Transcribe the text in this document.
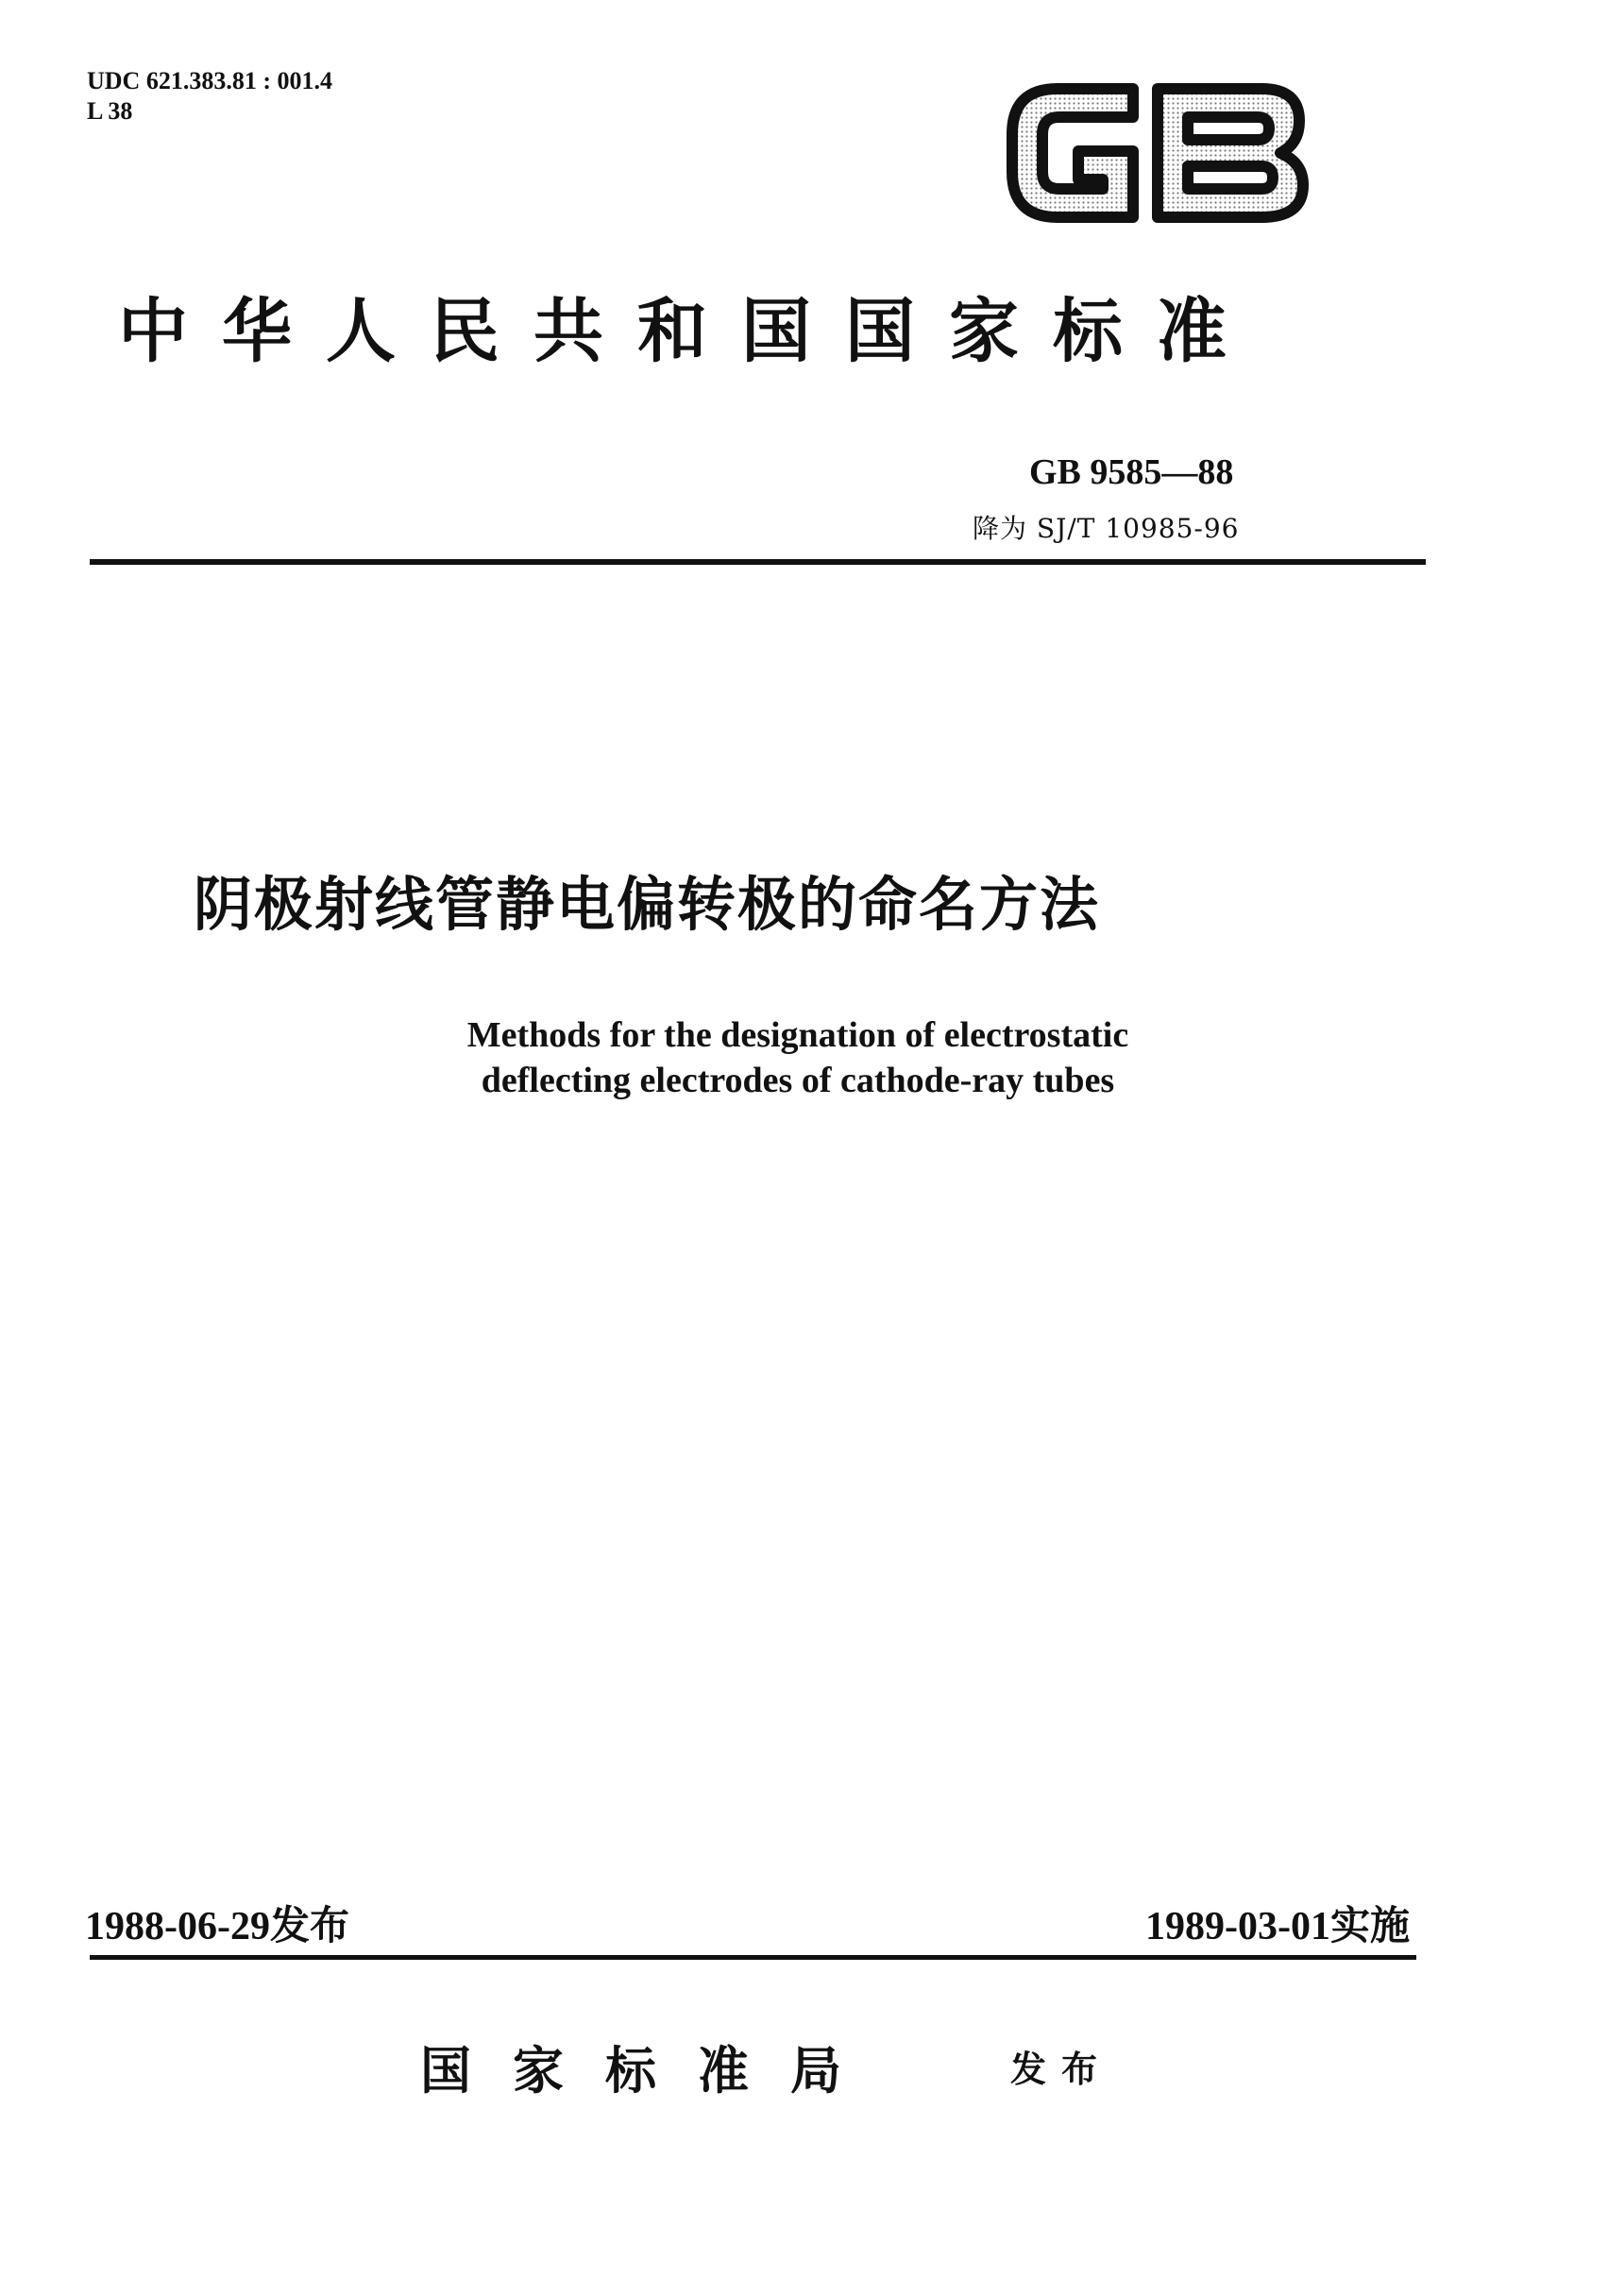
UDC 621.383.81 : 001.4
L 38
中华人民共和国国家标准
GB 9585—88
降为 SJ/T 10985-96
阴极射线管静电偏转极的命名方法
Methods for the designation of electrostatic
deflecting electrodes of cathode-ray tubes
1988-06-29发布	1989-03-01实施
国家标准局	发布
